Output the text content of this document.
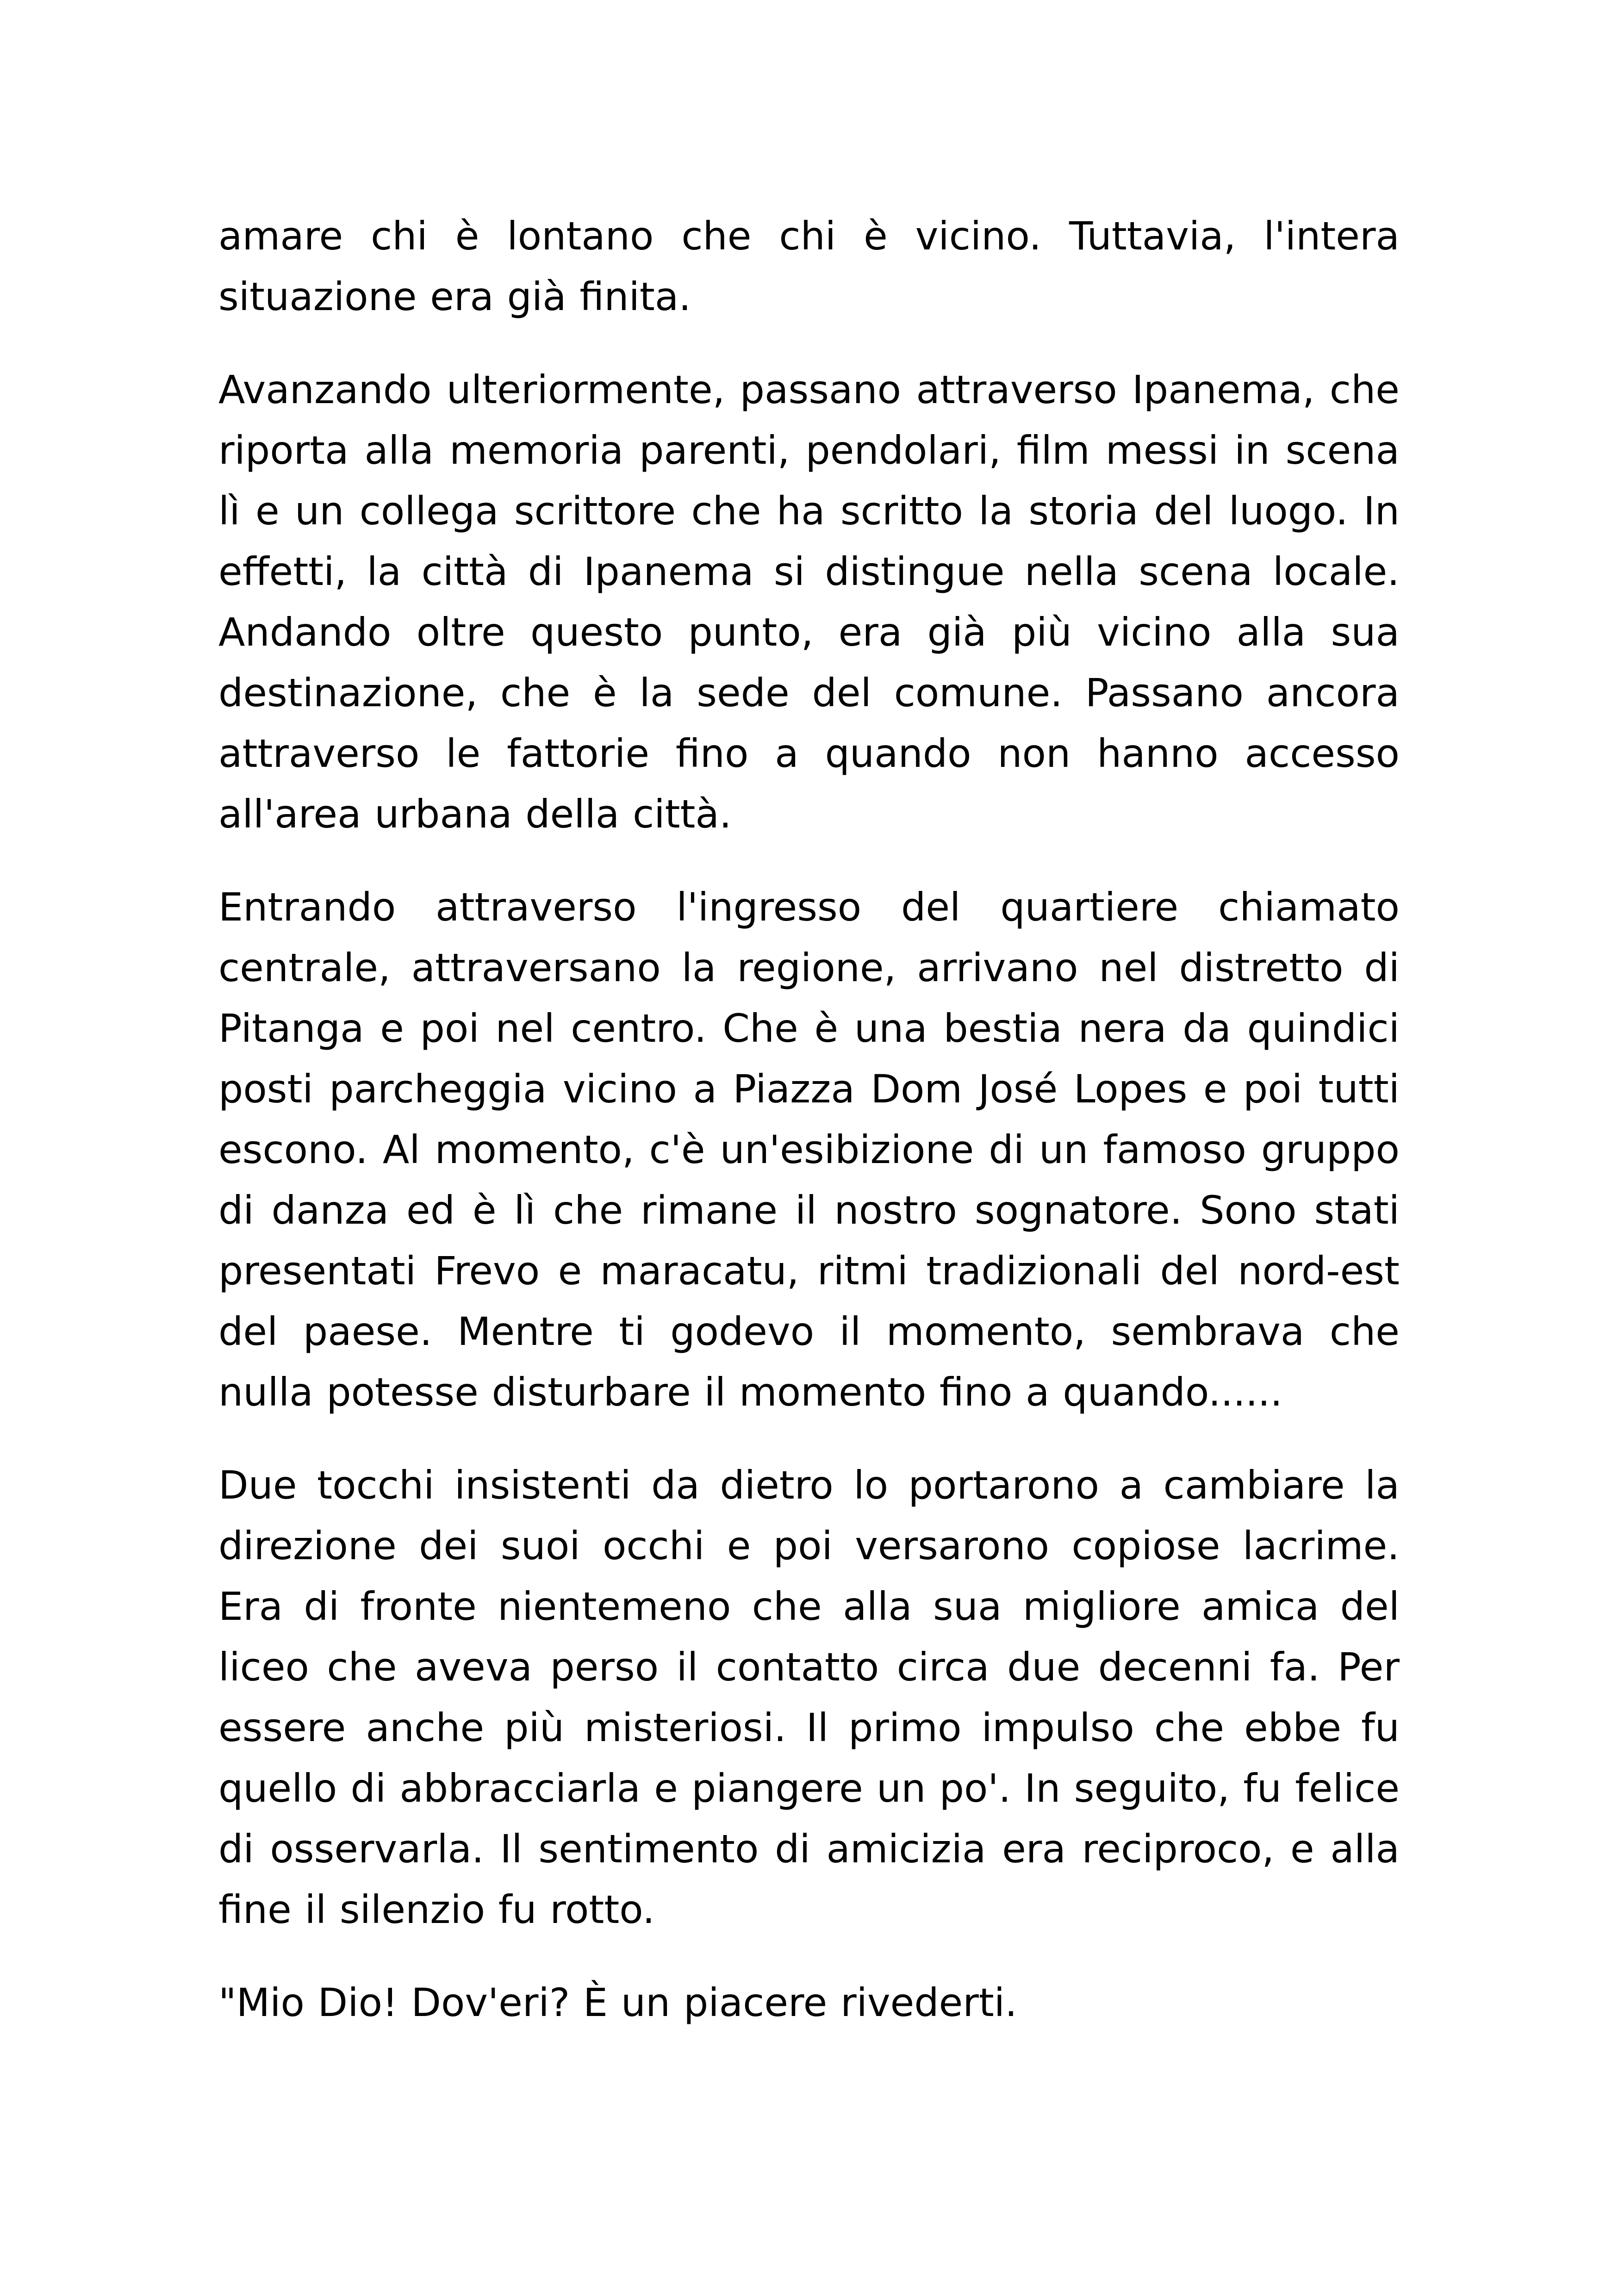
amare chi è lontano che chi è vicino. Tuttavia, l'intera situazione era già finita.

Avanzando ulteriormente, passano attraverso Ipanema, che riporta alla memoria parenti, pendolari, film messi in scena lì e un collega scrittore che ha scritto la storia del luogo. In effetti, la città di Ipanema si distingue nella scena locale. Andando oltre questo punto, era già più vicino alla sua destinazione, che è la sede del comune. Passano ancora attraverso le fattorie fino a quando non hanno accesso all'area urbana della città.

Entrando attraverso l'ingresso del quartiere chiamato centrale, attraversano la regione, arrivano nel distretto di Pitanga e poi nel centro. Che è una bestia nera da quindici posti parcheggia vicino a Piazza Dom José Lopes e poi tutti escono. Al momento, c'è un'esibizione di un famoso gruppo di danza ed è lì che rimane il nostro sognatore. Sono stati presentati Frevo e maracatu, ritmi tradizionali del nord-est del paese. Mentre ti godevo il momento, sembrava che nulla potesse disturbare il momento fino a quando......

Due tocchi insistenti da dietro lo portarono a cambiare la direzione dei suoi occhi e poi versarono copiose lacrime. Era di fronte nientemeno che alla sua migliore amica del liceo che aveva perso il contatto circa due decenni fa. Per essere anche più misteriosi. Il primo impulso che ebbe fu quello di abbracciarla e piangere un po'. In seguito, fu felice di osservarla. Il sentimento di amicizia era reciproco, e alla fine il silenzio fu rotto.

"Mio Dio! Dov'eri? È un piacere rivederti.
